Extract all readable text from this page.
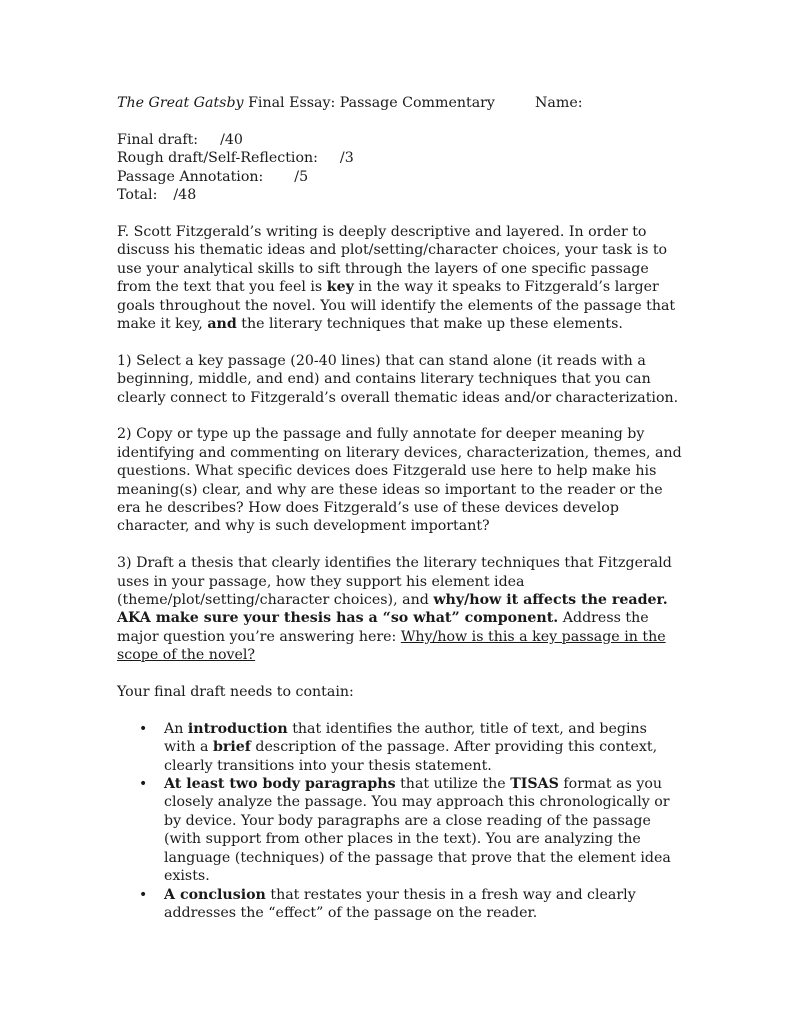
The Great Gatsby Final Essay: Passage Commentary	Name:
Final draft: /40
Rough draft/Self-Reflection: /3
Passage Annotation: /5
Total: /48

F. Scott Fitzgerald’s writing is deeply descriptive and layered. In order to discuss his thematic ideas and plot/setting/character choices, your task is to use your analytical skills to sift through the layers of one specific passage from the text that you feel is key in the way it speaks to Fitzgerald’s larger goals throughout the novel. You will identify the elements of the passage that make it key, and the literary techniques that make up these elements.

1) Select a key passage (20-40 lines) that can stand alone (it reads with a beginning, middle, and end) and contains literary techniques that you can clearly connect to Fitzgerald’s overall thematic ideas and/or characterization.

2) Copy or type up the passage and fully annotate for deeper meaning by identifying and commenting on literary devices, characterization, themes, and questions. What specific devices does Fitzgerald use here to help make his meaning(s) clear, and why are these ideas so important to the reader or the era he describes? How does Fitzgerald’s use of these devices develop character, and why is such development important?

3) Draft a thesis that clearly identifies the literary techniques that Fitzgerald uses in your passage, how they support his element idea (theme/plot/setting/character choices), and why/how it affects the reader. AKA make sure your thesis has a “so what” component. Address the major question you’re answering here: Why/how is this a key passage in the scope of the novel?

Your final draft needs to contain:

• An introduction that identifies the author, title of text, and begins with a brief description of the passage. After providing this context, clearly transitions into your thesis statement.
• At least two body paragraphs that utilize the TISAS format as you closely analyze the passage. You may approach this chronologically or by device. Your body paragraphs are a close reading of the passage (with support from other places in the text). You are analyzing the language (techniques) of the passage that prove that the element idea exists.
• A conclusion that restates your thesis in a fresh way and clearly addresses the “effect” of the passage on the reader.
